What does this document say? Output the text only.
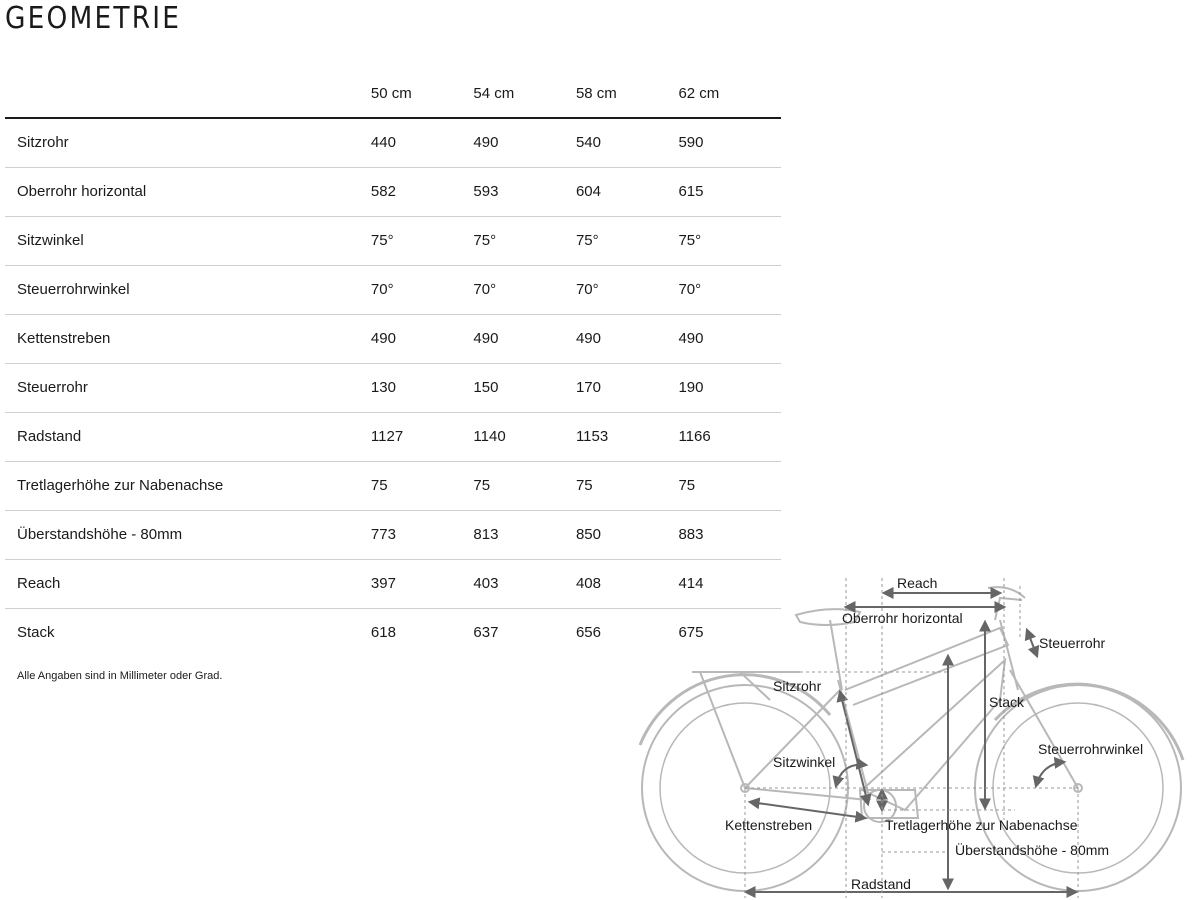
GEOMETRIE
	50 cm	54 cm	58 cm	62 cm
Sitzrohr	440	490	540	590
Oberrohr horizontal	582	593	604	615
Sitzwinkel	75°	75°	75°	75°
Steuerrohrwinkel	70°	70°	70°	70°
Kettenstreben	490	490	490	490
Steuerrohr	130	150	170	190
Radstand	1127	1140	1153	1166
Tretlagerhöhe zur Nabenachse	75	75	75	75
Überstandshöhe - 80mm	773	813	850	883
Reach	397	403	408	414
Stack	618	637	656	675
Alle Angaben sind in Millimeter oder Grad.
Reach
Oberrohr horizontal
Steuerrohr
Sitzrohr
Stack
Sitzwinkel
Steuerrohrwinkel
Kettenstreben	Tretlagerhöhe zur Nabenachse
Überstandshöhe - 80mm
Radstand
